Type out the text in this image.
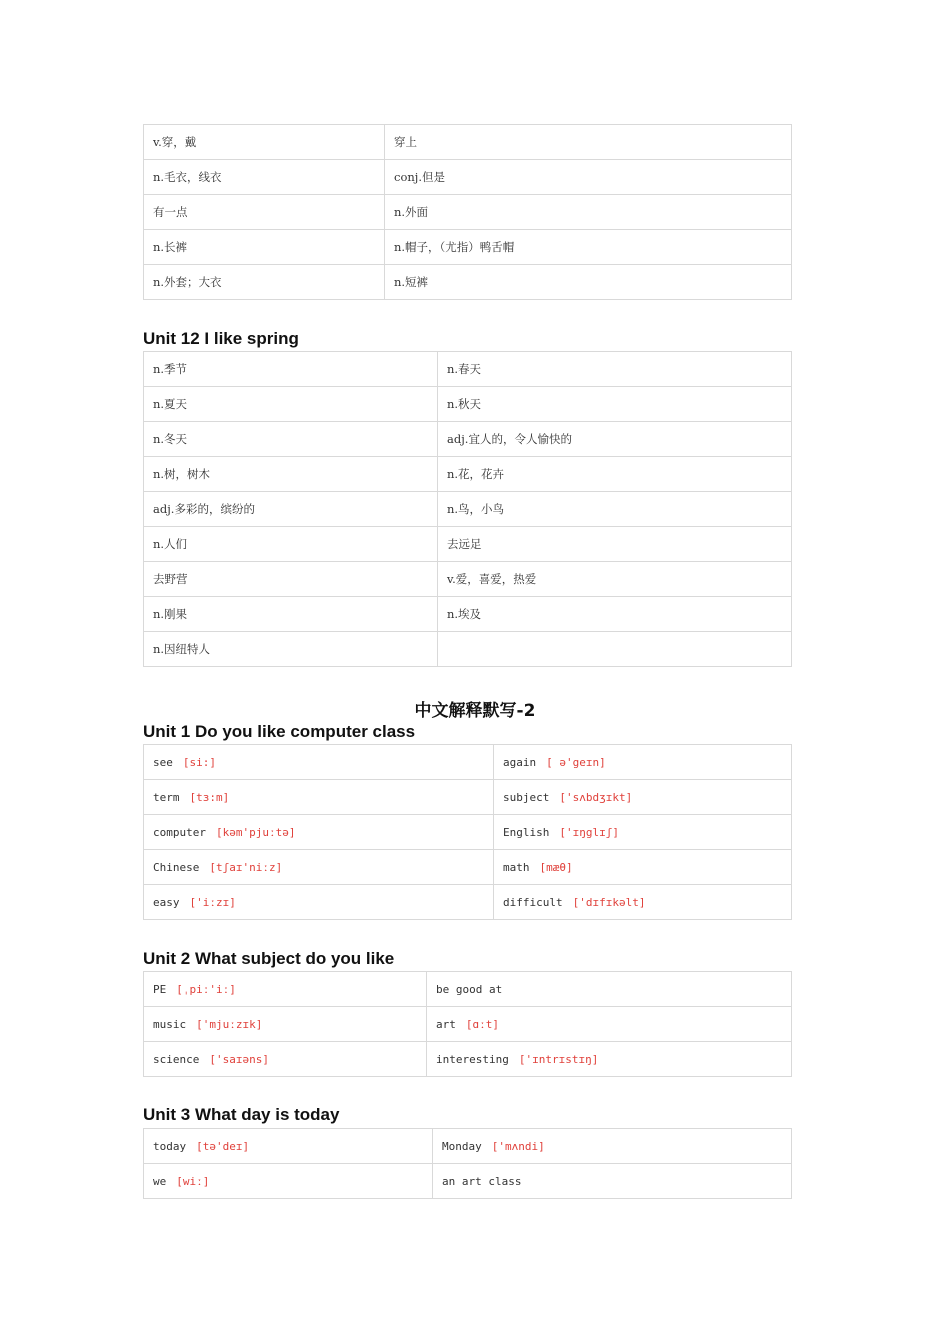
v.穿，戴	穿上
n.毛衣，线衣	conj.但是
有一点	n.外面
n.长裤	n.帽子，（尤指）鸭舌帽
n.外套；大衣	n.短裤
Unit 12 I like spring
n.季节	n.春天
n.夏天	n.秋天
n.冬天	adj.宜人的，令人愉快的
n.树，树木	n.花，花卉
adj.多彩的，缤纷的	n.鸟，小鸟
n.人们	去远足
去野营	v.爱，喜爱，热爱
n.刚果	n.埃及
n.因纽特人	
中文解释默写-2
Unit 1 Do you like computer class
see [si:]	again [ ə'geɪn]
term [tɜ:m]	subject ['sʌbdʒɪkt]
computer [kəm'pjuːtə]	English ['ɪŋglɪʃ]
Chinese [tʃaɪ'niːz]	math [mæθ]
easy ['iːzɪ]	difficult ['dɪfɪkəlt]
Unit 2 What subject do you like
PE [ˌpiː'iː]	be good at
music ['mjuːzɪk]	art [ɑːt]
science ['saɪəns]	interesting ['ɪntrɪstɪŋ]
Unit 3 What day is today
today [tə'deɪ]	Monday ['mʌndi]
we [wiː]	an art class
